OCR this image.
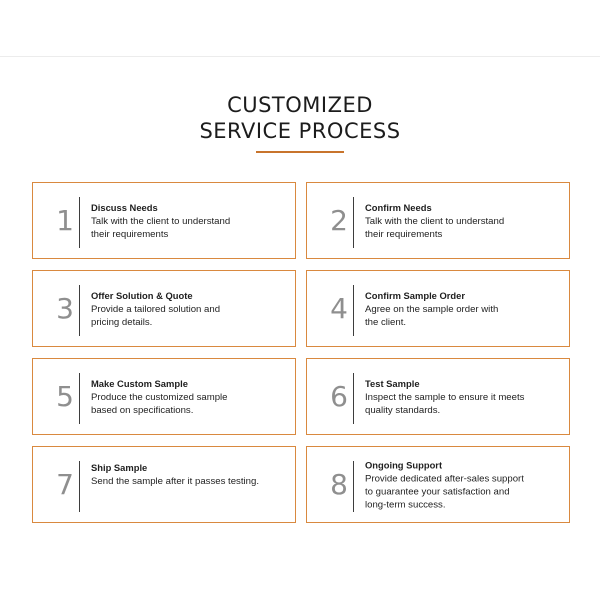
CUSTOMIZED
SERVICE PROCESS
1	Discuss Needs
Talk with the client to understand
their requirements	2	Confirm Needs
Talk with the client to understand
their requirements
3	Offer Solution & Quote
Provide a tailored solution and
pricing details.	4	Confirm Sample Order
Agree on the sample order with
the client.
5	Make Custom Sample
Produce the customized sample
based on specifications.	6	Test Sample
Inspect the sample to ensure it meets
quality standards.
7	Ship Sample
Send the sample after it passes testing.	8
Ongoing Support
Provide dedicated after-sales support
to guarantee your satisfaction and
long-term success.
